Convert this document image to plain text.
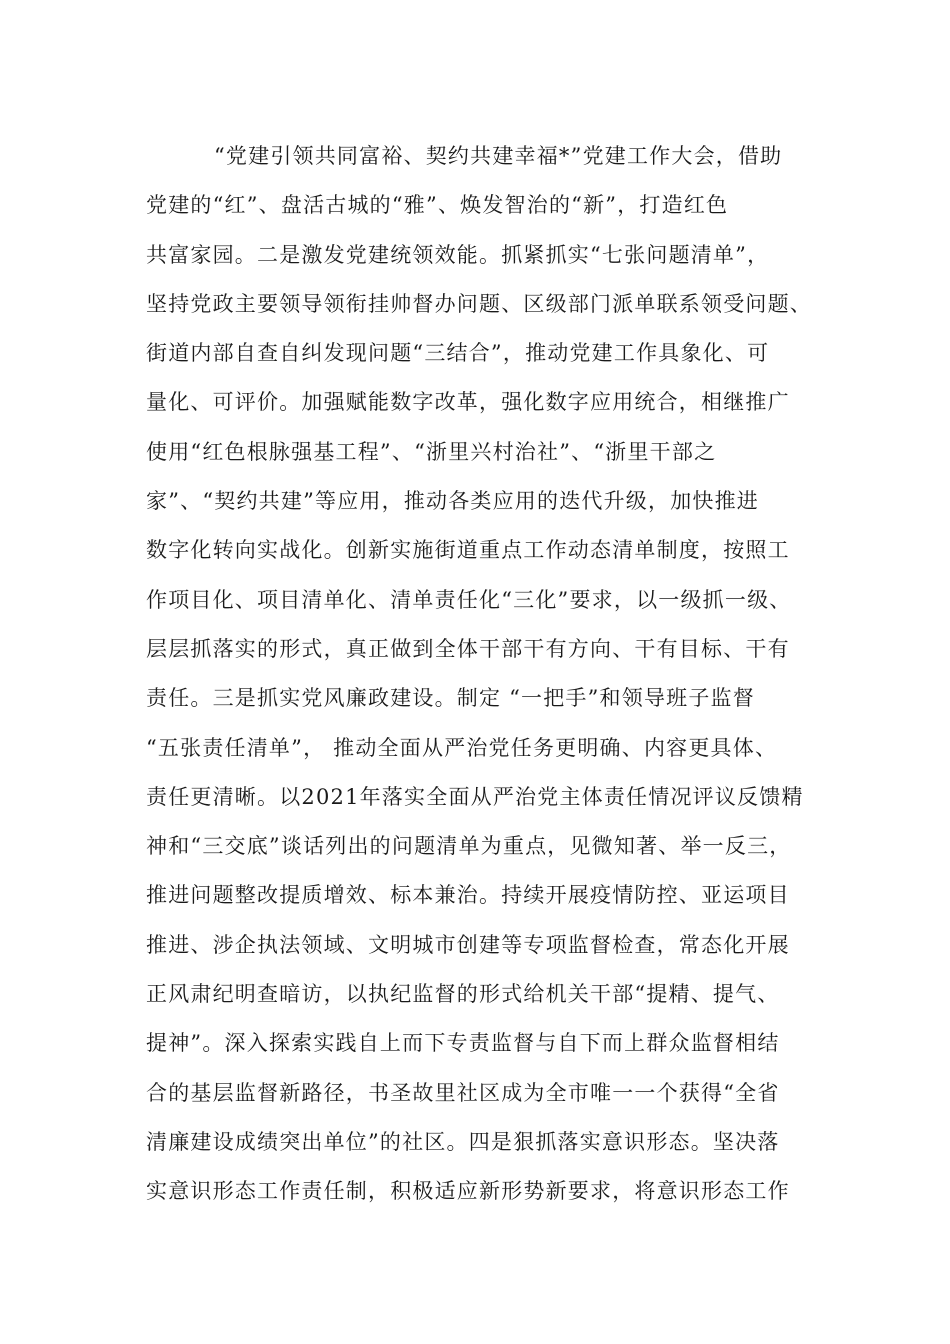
“党建引领共同富裕、契约共建幸福*”党建工作大会，借助
党建的“红”、盘活古城的“雅”、焕发智治的“新”，打造红色
共富家园。二是激发党建统领效能。抓紧抓实“七张问题清单”，
坚持党政主要领导领衔挂帅督办问题、区级部门派单联系领受问题、
街道内部自查自纠发现问题“三结合”，推动党建工作具象化、可
量化、可评价。加强赋能数字改革，强化数字应用统合，相继推广
使用“红色根脉强基工程”、“浙里兴村治社”、“浙里干部之
家”、“契约共建”等应用，推动各类应用的迭代升级，加快推进
数字化转向实战化。创新实施街道重点工作动态清单制度，按照工
作项目化、项目清单化、清单责任化“三化”要求，以一级抓一级、
层层抓落实的形式，真正做到全体干部干有方向、干有目标、干有
责任。三是抓实党风廉政建设。制定 “一把手”和领导班子监督
“五张责任清单”， 推动全面从严治党任务更明确、内容更具体、
责任更清晰。以2021年落实全面从严治党主体责任情况评议反馈精
神和“三交底”谈话列出的问题清单为重点，见微知著、举一反三，
推进问题整改提质增效、标本兼治。持续开展疫情防控、亚运项目
推进、涉企执法领域、文明城市创建等专项监督检查，常态化开展
正风肃纪明查暗访，以执纪监督的形式给机关干部“提精、提气、
提神”。深入探索实践自上而下专责监督与自下而上群众监督相结
合的基层监督新路径，书圣故里社区成为全市唯一一个获得“全省
清廉建设成绩突出单位”的社区。四是狠抓落实意识形态。坚决落
实意识形态工作责任制，积极适应新形势新要求，将意识形态工作
